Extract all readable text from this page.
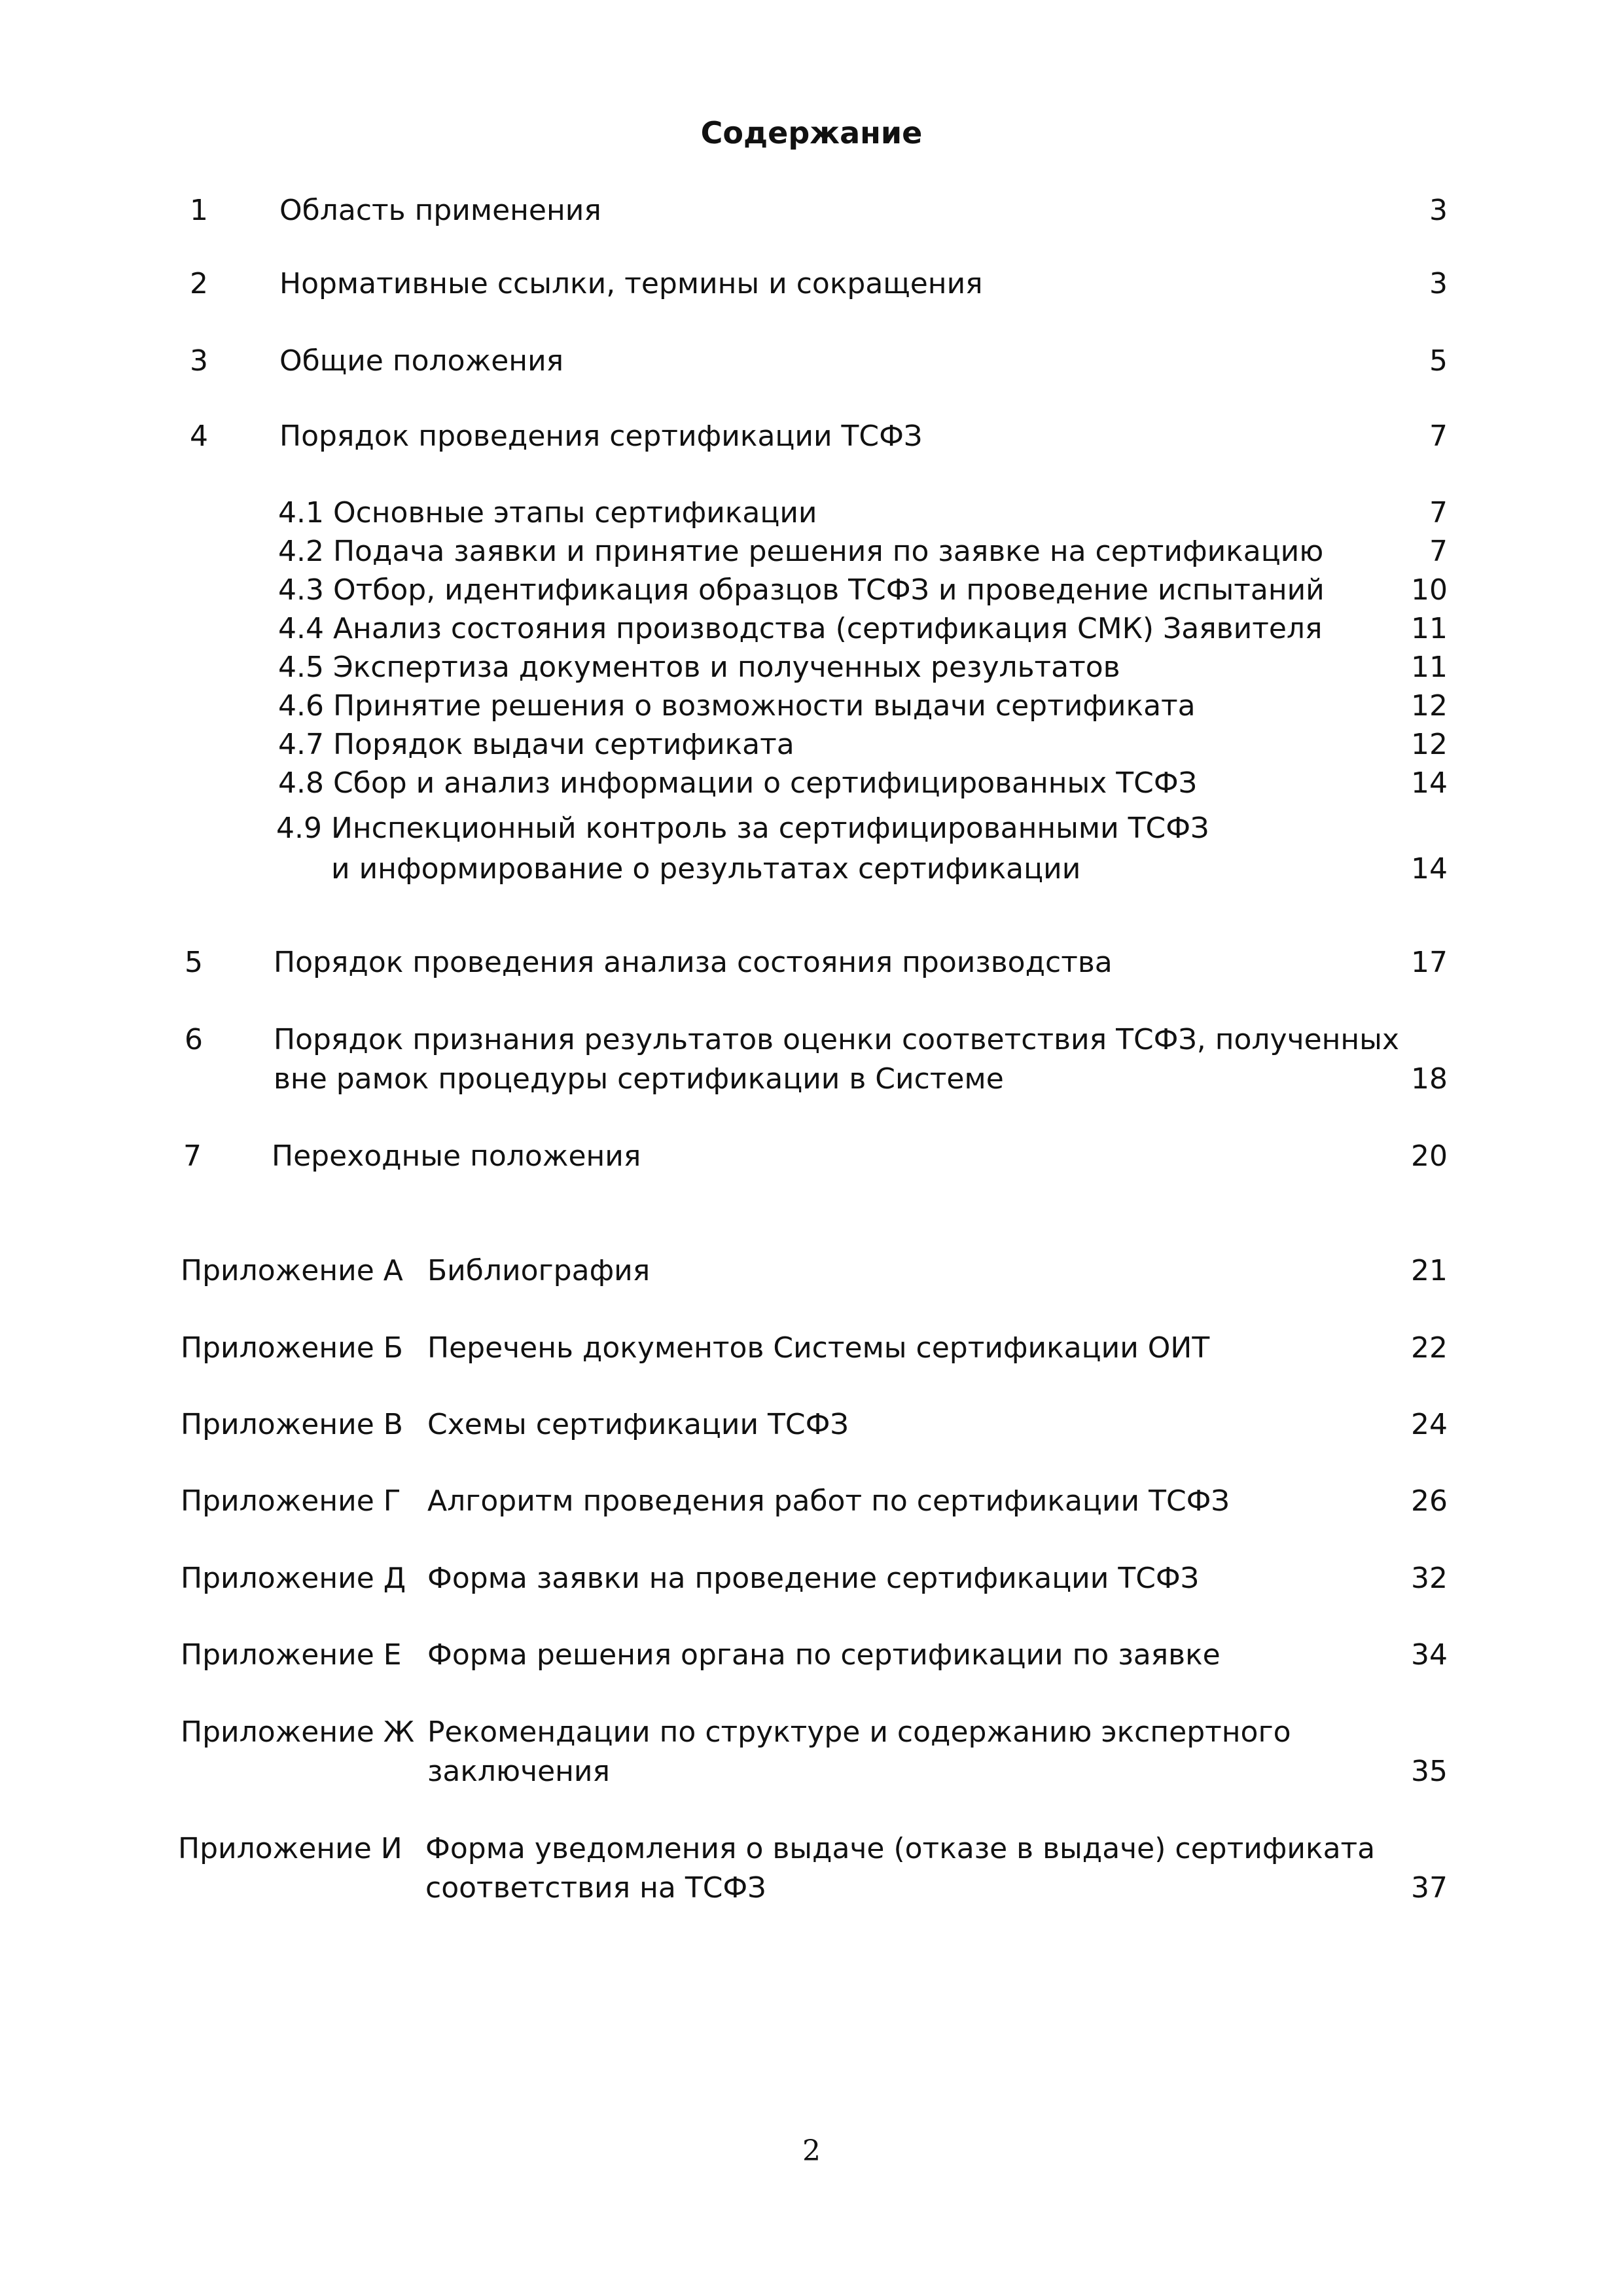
Содержание
1 Область применения	3
2 Нормативные ссылки, термины и сокращения	3
3 Общие положения	5
4 Порядок проведения сертификации ТСФЗ	7
4.1 Основные этапы сертификации	7
4.2 Подача заявки и принятие решения по заявке на сертификацию	7
4.3 Отбор, идентификация образцов ТСФЗ и проведение испытаний	10
4.4 Анализ состояния производства (сертификация СМК) Заявителя	11
4.5 Экспертиза документов и полученных результатов	11
4.6 Принятие решения о возможности выдачи сертификата	12
4.7 Порядок выдачи сертификата	12
4.8 Сбор и анализ информации о сертифицированных ТСФЗ	14
4.9 Инспекционный контроль за сертифицированными ТСФЗ
и информирование о результатах сертификации	14
5 Порядок проведения анализа состояния производства	17
6 Порядок признания результатов оценки соответствия ТСФЗ, полученных
вне рамок процедуры сертификации в Системе	18
7 Переходные положения	20
Приложение А Библиография	21
Приложение Б Перечень документов Системы сертификации ОИТ	22
Приложение В Схемы сертификации ТСФЗ	24
Приложение Г Алгоритм проведения работ по сертификации ТСФЗ	26
Приложение Д Форма заявки на проведение сертификации ТСФЗ	32
Приложение Е Форма решения органа по сертификации по заявке	34
Приложение Ж Рекомендации по структуре и содержанию экспертного
заключения	35
Приложение И Форма уведомления о выдаче (отказе в выдаче) сертификата
соответствия на ТСФЗ	37
2
